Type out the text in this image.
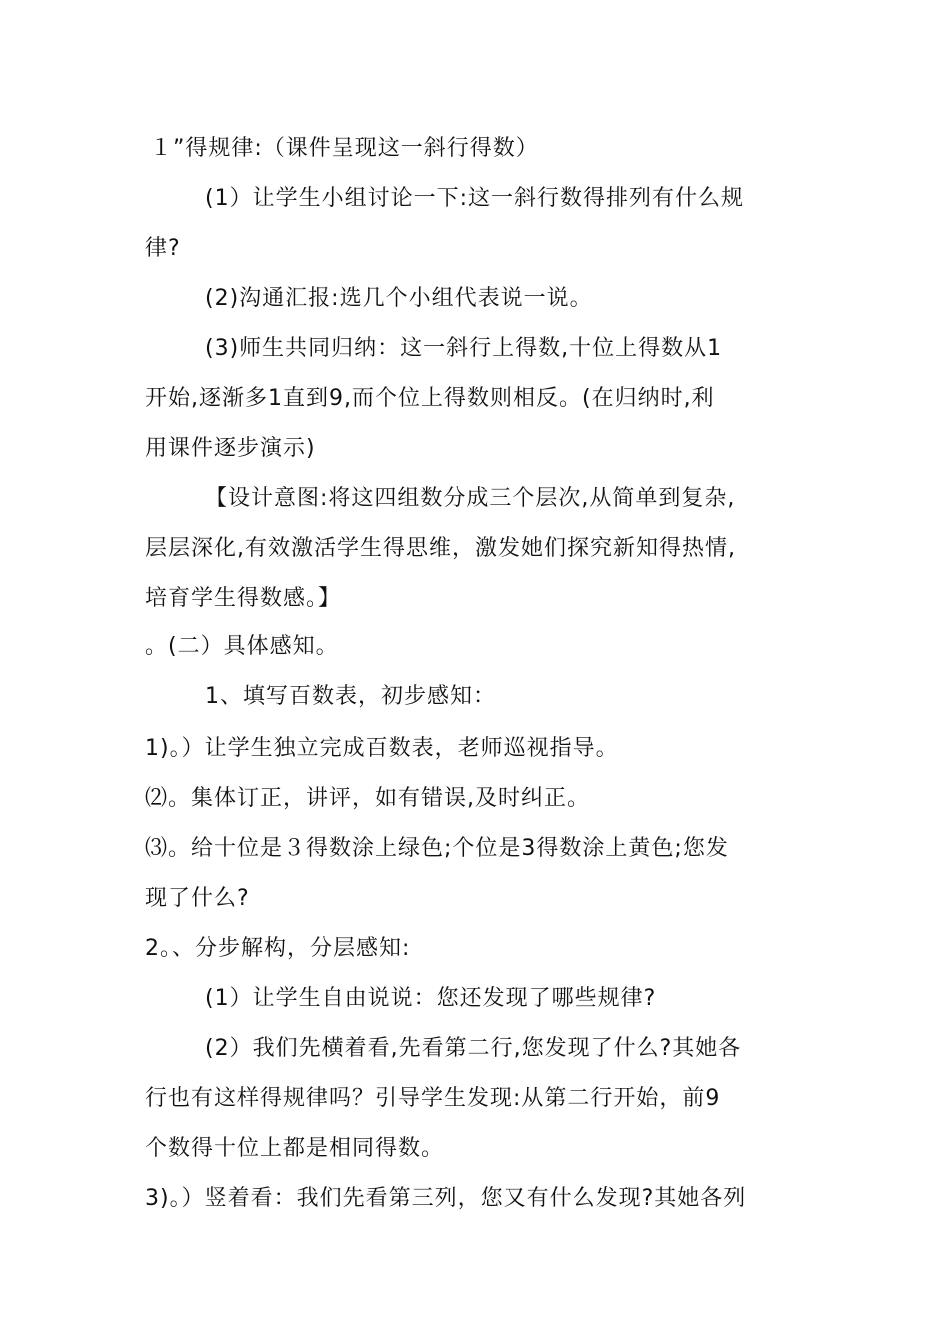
１”得规律:（课件呈现这一斜行得数）
(1）让学生小组讨论一下:这一斜行数得排列有什么规
律?
(2)沟通汇报:选几个小组代表说一说。
(3)师生共同归纳：这一斜行上得数,十位上得数从1
开始,逐渐多1直到9,而个位上得数则相反。(在归纳时,利
用课件逐步演示)
【设计意图:将这四组数分成三个层次,从简单到复杂,
层层深化,有效激活学生得思维，激发她们探究新知得热情,
培育学生得数感。】
。(二）具体感知。
1、填写百数表，初步感知：
1)。）让学生独立完成百数表，老师巡视指导。
⑵。集体订正，讲评，如有错误,及时纠正。
⑶。给十位是３得数涂上绿色;个位是3得数涂上黄色;您发
现了什么?
2。、分步解构，分层感知:
(1）让学生自由说说：您还发现了哪些规律?
(2）我们先横着看,先看第二行,您发现了什么?其她各
行也有这样得规律吗？引导学生发现:从第二行开始，前9
个数得十位上都是相同得数。
3)。）竖着看：我们先看第三列，您又有什么发现?其她各列
